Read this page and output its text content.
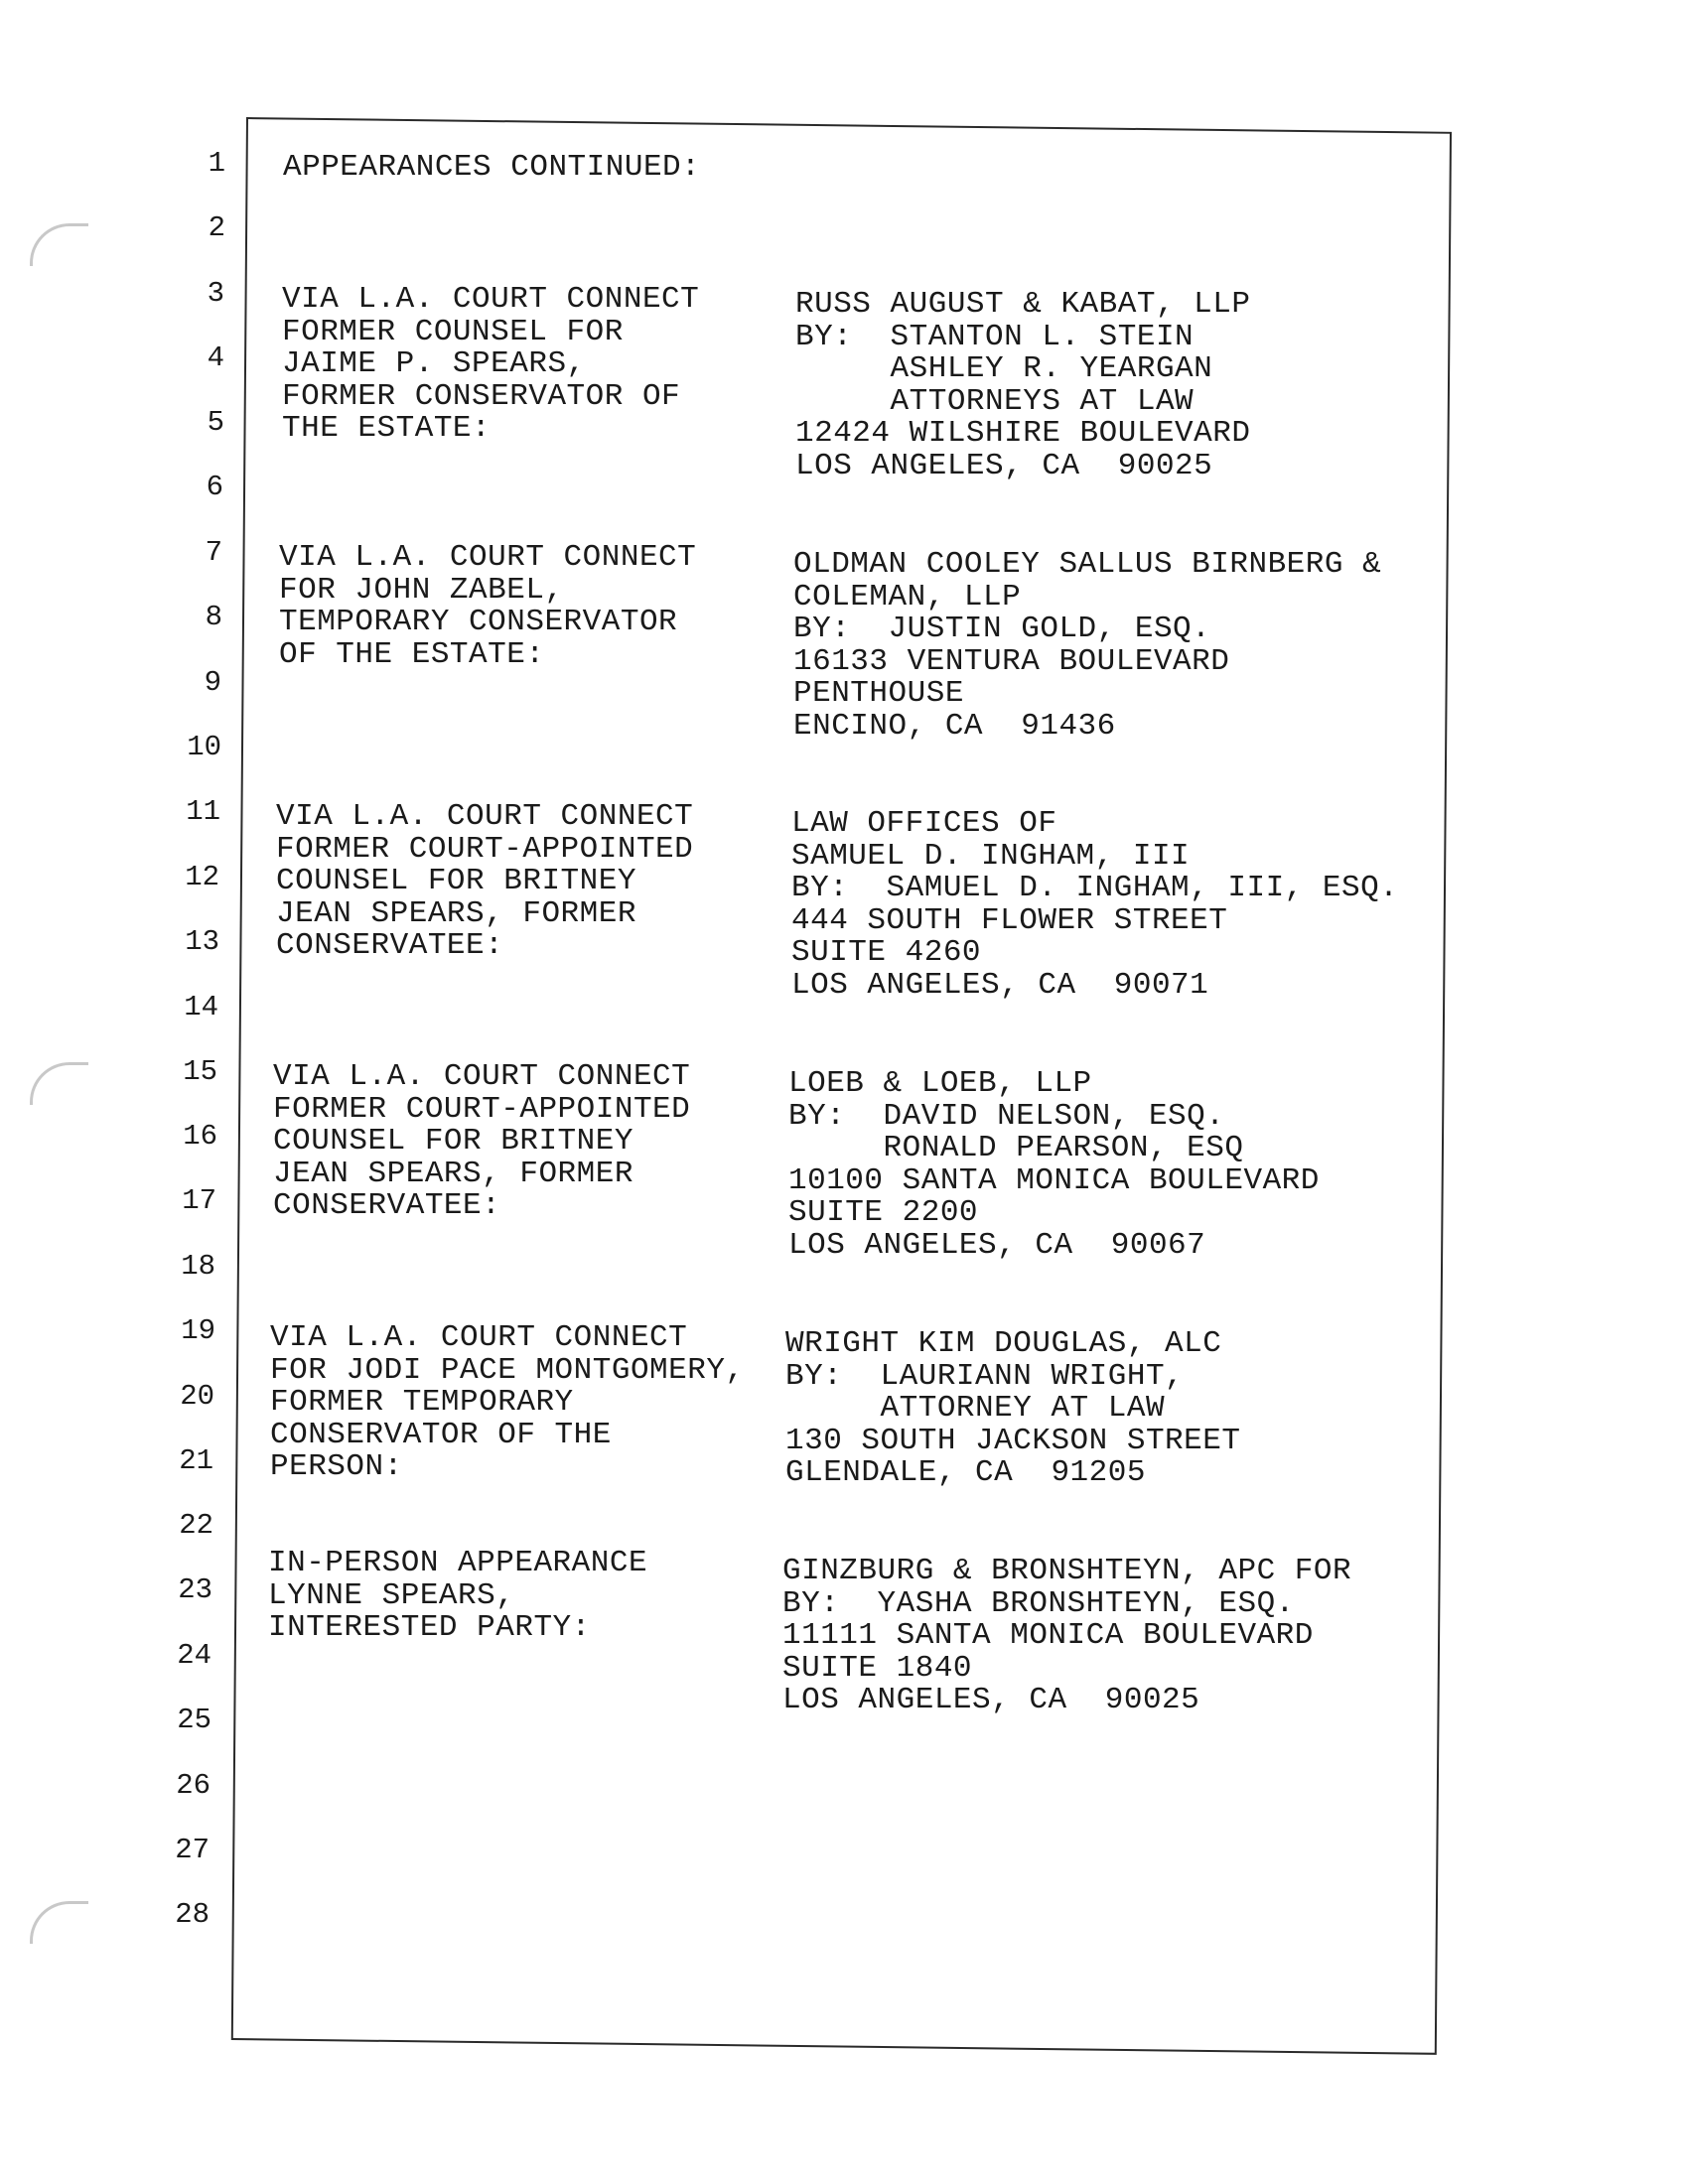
1
2
3
4
5
6
7
8
9
10
11
12
13
14
15
16
17
18
19
20
21
22
23
24
25
26
27
28
APPEARANCES CONTINUED:
VIA L.A. COURT CONNECT
FORMER COUNSEL FOR
JAIME P. SPEARS,
FORMER CONSERVATOR OF
THE ESTATE:
RUSS AUGUST & KABAT, LLP
BY:  STANTON L. STEIN
ASHLEY R. YEARGAN
ATTORNEYS AT LAW
12424 WILSHIRE BOULEVARD
LOS ANGELES, CA  90025
VIA L.A. COURT CONNECT
FOR JOHN ZABEL,
TEMPORARY CONSERVATOR
OF THE ESTATE:
OLDMAN COOLEY SALLUS BIRNBERG &
COLEMAN, LLP
BY:  JUSTIN GOLD, ESQ.
16133 VENTURA BOULEVARD
PENTHOUSE
ENCINO, CA  91436
VIA L.A. COURT CONNECT
FORMER COURT-APPOINTED
COUNSEL FOR BRITNEY
JEAN SPEARS, FORMER
CONSERVATEE:
LAW OFFICES OF
SAMUEL D. INGHAM, III
BY:  SAMUEL D. INGHAM, III, ESQ.
444 SOUTH FLOWER STREET
SUITE 4260
LOS ANGELES, CA  90071
VIA L.A. COURT CONNECT
FORMER COURT-APPOINTED
COUNSEL FOR BRITNEY
JEAN SPEARS, FORMER
CONSERVATEE:
LOEB & LOEB, LLP
BY:  DAVID NELSON, ESQ.
RONALD PEARSON, ESQ
10100 SANTA MONICA BOULEVARD
SUITE 2200
LOS ANGELES, CA  90067
VIA L.A. COURT CONNECT
FOR JODI PACE MONTGOMERY,
FORMER TEMPORARY
CONSERVATOR OF THE
PERSON:
WRIGHT KIM DOUGLAS, ALC
BY:  LAURIANN WRIGHT,
ATTORNEY AT LAW
130 SOUTH JACKSON STREET
GLENDALE, CA  91205
IN-PERSON APPEARANCE
LYNNE SPEARS,
INTERESTED PARTY:
GINZBURG & BRONSHTEYN, APC FOR
BY:  YASHA BRONSHTEYN, ESQ.
11111 SANTA MONICA BOULEVARD
SUITE 1840
LOS ANGELES, CA  90025
